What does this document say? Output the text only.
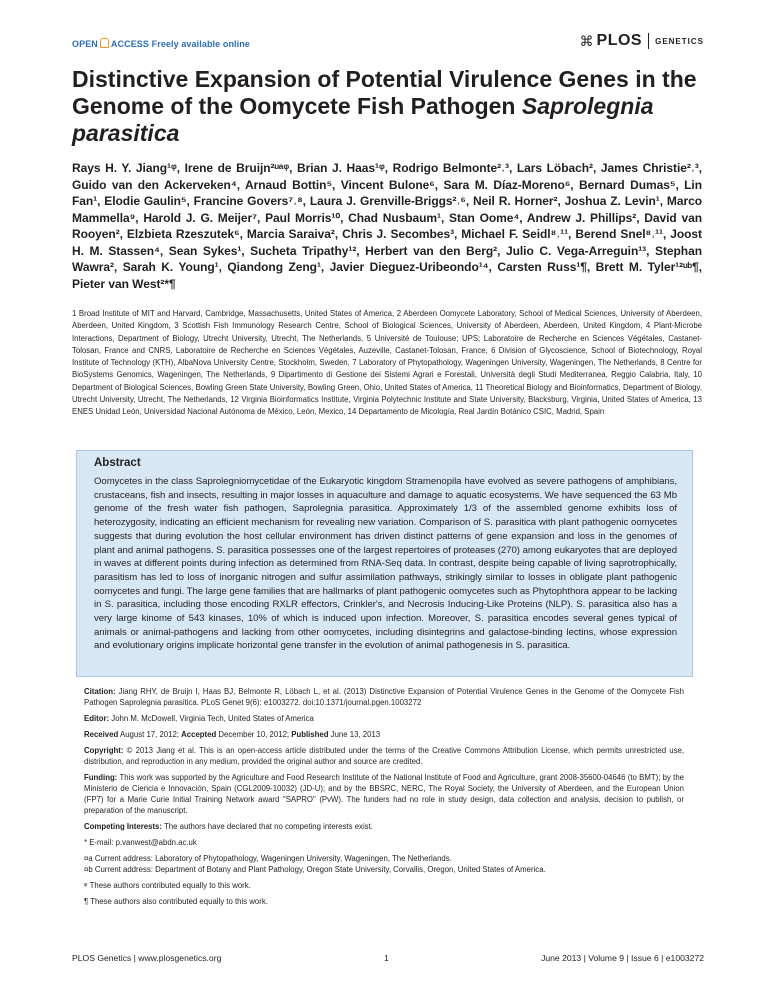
OPEN ACCESS Freely available online	⌘ PLOS GENETICS
Distinctive Expansion of Potential Virulence Genes in the Genome of the Oomycete Fish Pathogen Saprolegnia parasitica
Rays H. Y. Jiang¹ᵠ, Irene de Bruijn²ᵘᵃᵠ, Brian J. Haas¹ᵠ, Rodrigo Belmonte²˒³, Lars Löbach², James Christie²˒³, Guido van den Ackerveken⁴, Arnaud Bottin⁵, Vincent Bulone⁶, Sara M. Díaz-Moreno⁶, Bernard Dumas⁵, Lin Fan¹, Elodie Gaulin⁵, Francine Govers⁷˒⁸, Laura J. Grenville-Briggs²˒⁶, Neil R. Horner², Joshua Z. Levin¹, Marco Mammella⁹, Harold J. G. Meijer⁷, Paul Morris¹⁰, Chad Nusbaum¹, Stan Oome⁴, Andrew J. Phillips², David van Rooyen², Elzbieta Rzeszutek⁶, Marcia Saraiva², Chris J. Secombes³, Michael F. Seidl⁸˒¹¹, Berend Snel⁸˒¹¹, Joost H. M. Stassen⁴, Sean Sykes¹, Sucheta Tripathy¹², Herbert van den Berg², Julio C. Vega-Arreguin¹³, Stephan Wawra², Sarah K. Young¹, Qiandong Zeng¹, Javier Dieguez-Uribeondo¹⁴, Carsten Russ¹¶, Brett M. Tyler¹²ᵘᵇ¶, Pieter van West²*¶
1 Broad Institute of MIT and Harvard, Cambridge, Massachusetts, United States of America, 2 Aberdeen Oomycete Laboratory, School of Medical Sciences, University of Aberdeen, Aberdeen, United Kingdom, 3 Scottish Fish Immunology Research Centre, School of Biological Sciences, University of Aberdeen, Aberdeen, United Kingdom, 4 Plant-Microbe Interactions, Department of Biology, Utrecht University, Utrecht, The Netherlands, 5 Université de Toulouse; UPS; Laboratoire de Recherche en Sciences Végétales, Castanet-Tolosan, France and CNRS, Laboratoire de Recherche en Sciences Végétales, Auzeville, Castanet-Tolosan, France, 6 Division of Glycoscience, School of Biotechnology, Royal Institute of Technology (KTH), AlbaNova University Centre, Stockholm, Sweden, 7 Laboratory of Phytopathology, Wageningen University, Wageningen, The Netherlands, 8 Centre for BioSystems Genomics, Wageningen, The Netherlands, 9 Dipartimento di Gestione dei Sistemi Agrari e Forestali, Università degli Studi Mediterranea, Reggio Calabria, Italy, 10 Department of Biological Sciences, Bowling Green State University, Bowling Green, Ohio, United States of America, 11 Theoretical Biology and Bioinformatics, Department of Biology, Utrecht University, Utrecht, The Netherlands, 12 Virginia Bioinformatics Institute, Virginia Polytechnic Institute and State University, Blacksburg, Virginia, United States of America, 13 ENES Unidad León, Universidad Nacional Autónoma de México, León, Mexico, 14 Departamento de Micología, Real Jardín Botánico CSIC, Madrid, Spain
Abstract

Oomycetes in the class Saprolegniomycetidae of the Eukaryotic kingdom Stramenopila have evolved as severe pathogens of amphibians, crustaceans, fish and insects, resulting in major losses in aquaculture and damage to aquatic ecosystems. We have sequenced the 63 Mb genome of the fresh water fish pathogen, Saprolegnia parasitica. Approximately 1/3 of the assembled genome exhibits loss of heterozygosity, indicating an efficient mechanism for revealing new variation. Comparison of S. parasitica with plant pathogenic oomycetes suggests that during evolution the host cellular environment has driven distinct patterns of gene expansion and loss in the genomes of plant and animal pathogens. S. parasitica possesses one of the largest repertoires of proteases (270) among eukaryotes that are deployed in waves at different points during infection as determined from RNA-Seq data. In contrast, despite being capable of living saprotrophically, parasitism has led to loss of inorganic nitrogen and sulfur assimilation pathways, strikingly similar to losses in obligate plant pathogenic oomycetes and fungi. The large gene families that are hallmarks of plant pathogenic oomycetes such as Phytophthora appear to be lacking in S. parasitica, including those encoding RXLR effectors, Crinkler's, and Necrosis Inducing-Like Proteins (NLP). S. parasitica also has a very large kinome of 543 kinases, 10% of which is induced upon infection. Moreover, S. parasitica encodes several genes typical of animals or animal-pathogens and lacking from other oomycetes, including disintegrins and galactose-binding lectins, whose expression and evolutionary origins implicate horizontal gene transfer in the evolution of animal pathogenesis in S. parasitica.

Citation: Jiang RHY, de Bruijn I, Haas BJ, Belmonte R, Löbach L, et al. (2013) Distinctive Expansion of Potential Virulence Genes in the Genome of the Oomycete Fish Pathogen Saprolegnia parasitica. PLoS Genet 9(6): e1003272. doi:10.1371/journal.pgen.1003272

Editor: John M. McDowell, Virginia Tech, United States of America

Received August 17, 2012; Accepted December 10, 2012; Published June 13, 2013

Copyright: © 2013 Jiang et al. This is an open-access article distributed under the terms of the Creative Commons Attribution License, which permits unrestricted use, distribution, and reproduction in any medium, provided the original author and source are credited.

Funding: This work was supported by the Agriculture and Food Research Institute of the National Institute of Food and Agriculture, grant 2008-35600-04646 (to BMT); by the Ministerio de Ciencia e Innovación, Spain (CGL2009-10032) (JD-U); and by the BBSRC, NERC, The Royal Society, the University of Aberdeen, and the European Union (FP7) for a Marie Curie Initial Training Network award "SAPRO" (PvW). The funders had no role in study design, data collection and analysis, decision to publish, or preparation of the manuscript.

Competing Interests: The authors have declared that no competing interests exist.

* E-mail: p.vanwest@abdn.ac.uk

¤a Current address: Laboratory of Phytopathology, Wageningen University, Wageningen, The Netherlands.

¤b Current address: Department of Botany and Plant Pathology, Oregon State University, Corvallis, Oregon, United States of America.

ᵠ These authors contributed equally to this work.

¶ These authors also contributed equally to this work.

PLOS Genetics | www.plosgenetics.org	1	June 2013 | Volume 9 | Issue 6 | e1003272
